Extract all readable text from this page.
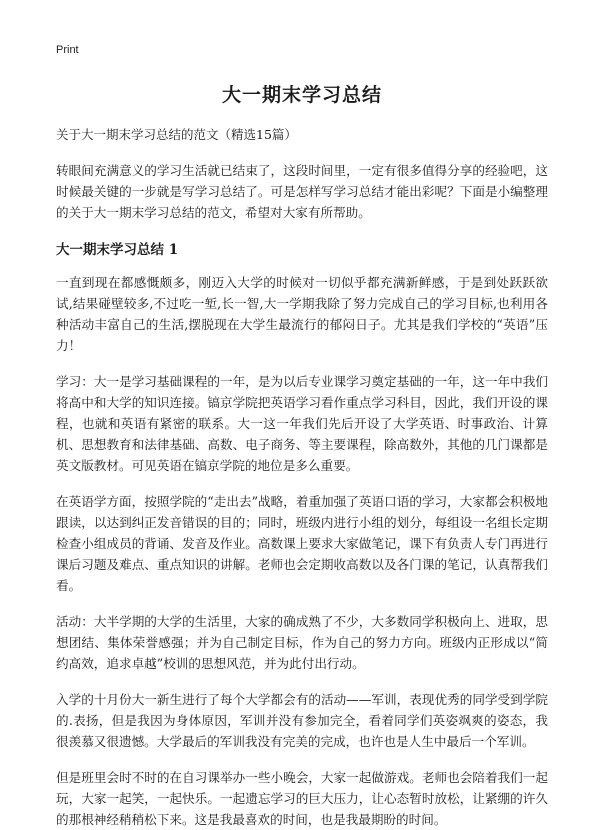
Print
大一期末学习总结
关于大一期末学习总结的范文（精选15篇）

转眼间充满意义的学习生活就已结束了，这段时间里，一定有很多值得分享的经验吧，这时候最关键的一步就是写学习总结了。可是怎样写学习总结才能出彩呢？下面是小编整理的关于大一期末学习总结的范文，希望对大家有所帮助。

大一期末学习总结 1

一直到现在都感慨颇多，刚迈入大学的时候对一切似乎都充满新鲜感，于是到处跃跃欲试,结果碰壁较多,不过吃一堑,长一智,大一学期我除了努力完成自己的学习目标,也利用各种活动丰富自己的生活,摆脱现在大学生最流行的郁闷日子。尤其是我们学校的“英语”压力！

学习：大一是学习基础课程的一年，是为以后专业课学习奠定基础的一年，这一年中我们将高中和大学的知识连接。镐京学院把英语学习看作重点学习科目，因此，我们开设的课程，也就和英语有紧密的联系。大一这一年我们先后开设了大学英语、时事政治、计算机、思想教育和法律基础、高数、电子商务、等主要课程，除高数外，其他的几门课都是英文版教材。可见英语在镐京学院的地位是多么重要。

在英语学方面，按照学院的“走出去”战略，着重加强了英语口语的学习，大家都会积极地跟读，以达到纠正发音错误的目的；同时，班级内进行小组的划分，每组设一名组长定期检查小组成员的背诵、发音及作业。高数课上要求大家做笔记，课下有负责人专门再进行课后习题及难点、重点知识的讲解。老师也会定期收高数以及各门课的笔记，认真帮我们看。

活动：大半学期的大学的生活里，大家的确成熟了不少，大多数同学积极向上、进取，思想团结、集体荣誉感强；并为自己制定目标，作为自己的努力方向。班级内正形成以“简约高效，追求卓越”校训的思想风范，并为此付出行动。

入学的十月份大一新生进行了每个大学都会有的活动——军训，表现优秀的同学受到学院的.表扬，但是我因为身体原因，军训并没有参加完全，看着同学们英姿飒爽的姿态，我很羡慕又很遗憾。大学最后的军训我没有完美的完成，也许也是人生中最后一个军训。

但是班里会时不时的在自习课举办一些小晚会，大家一起做游戏。老师也会陪着我们一起玩，大家一起笑，一起快乐。一起遗忘学习的巨大压力，让心态暂时放松，让紧绷的许久的那根神经稍稍松下来。这是我最喜欢的时间，也是我最期盼的时间。
